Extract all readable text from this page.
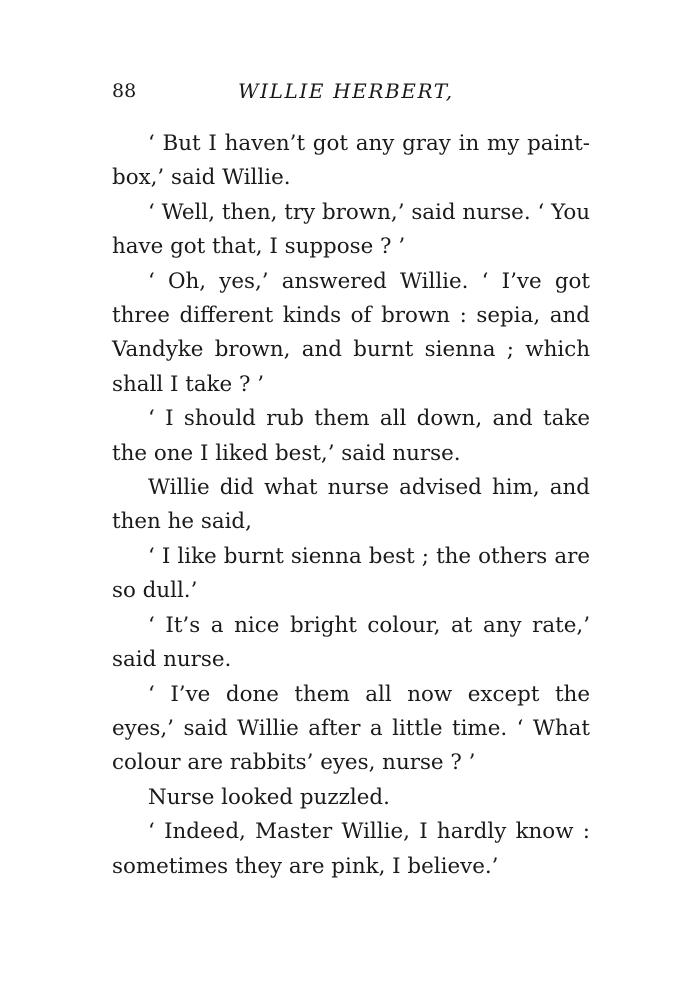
88	WILLIE HERBERT,

‘ But I haven’t got any gray in my paint-box,’ said Willie.

‘ Well, then, try brown,’ said nurse. ‘ You have got that, I suppose ? ’

‘ Oh, yes,’ answered Willie. ‘ I’ve got three different kinds of brown : sepia, and Vandyke brown, and burnt sienna ; which shall I take ? ’

‘ I should rub them all down, and take the one I liked best,’ said nurse.

Willie did what nurse advised him, and then he said,

‘ I like burnt sienna best ; the others are so dull.’

‘ It’s a nice bright colour, at any rate,’ said nurse.

‘ I’ve done them all now except the eyes,’ said Willie after a little time. ‘ What colour are rabbits’ eyes, nurse ? ’

Nurse looked puzzled.

‘ Indeed, Master Willie, I hardly know : sometimes they are pink, I believe.’
